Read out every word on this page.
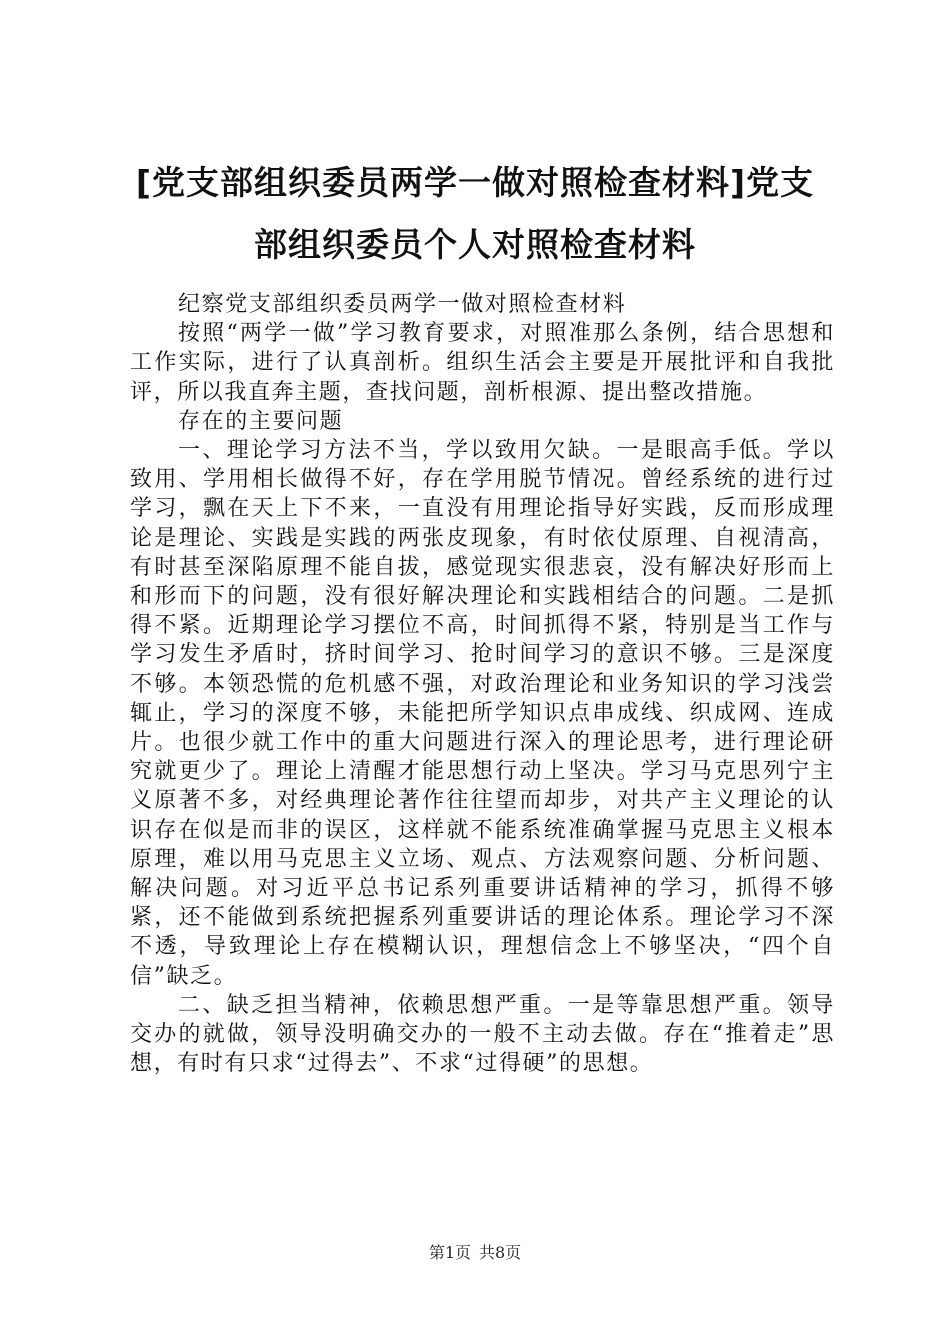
[党支部组织委员两学一做对照检查材料]党支
部组织委员个人对照检查材料

纪察党支部组织委员两学一做对照检查材料

按照“两学一做”学习教育要求，对照准那么条例，结合思想和工作实际，进行了认真剖析。组织生活会主要是开展批评和自我批评，所以我直奔主题，查找问题，剖析根源、提出整改措施。

存在的主要问题

一、理论学习方法不当，学以致用欠缺。一是眼高手低。学以致用、学用相长做得不好，存在学用脱节情况。曾经系统的进行过学习，飘在天上下不来，一直没有用理论指导好实践，反而形成理论是理论、实践是实践的两张皮现象，有时依仗原理、自视清高，有时甚至深陷原理不能自拔，感觉现实很悲哀，没有解决好形而上和形而下的问题，没有很好解决理论和实践相结合的问题。二是抓得不紧。近期理论学习摆位不高，时间抓得不紧，特别是当工作与学习发生矛盾时，挤时间学习、抢时间学习的意识不够。三是深度不够。本领恐慌的危机感不强，对政治理论和业务知识的学习浅尝辄止，学习的深度不够，未能把所学知识点串成线、织成网、连成片。也很少就工作中的重大问题进行深入的理论思考，进行理论研究就更少了。理论上清醒才能思想行动上坚决。学习马克思列宁主义原著不多，对经典理论著作往往望而却步，对共产主义理论的认识存在似是而非的误区，这样就不能系统准确掌握马克思主义根本原理，难以用马克思主义立场、观点、方法观察问题、分析问题、解决问题。对习近平总书记系列重要讲话精神的学习，抓得不够紧，还不能做到系统把握系列重要讲话的理论体系。理论学习不深不透，导致理论上存在模糊认识，理想信念上不够坚决，“四个自信”缺乏。

二、缺乏担当精神，依赖思想严重。一是等靠思想严重。领导交办的就做，领导没明确交办的一般不主动去做。存在“推着走”思想，有时有只求“过得去”、不求“过得硬”的思想。

第1页 共8页
